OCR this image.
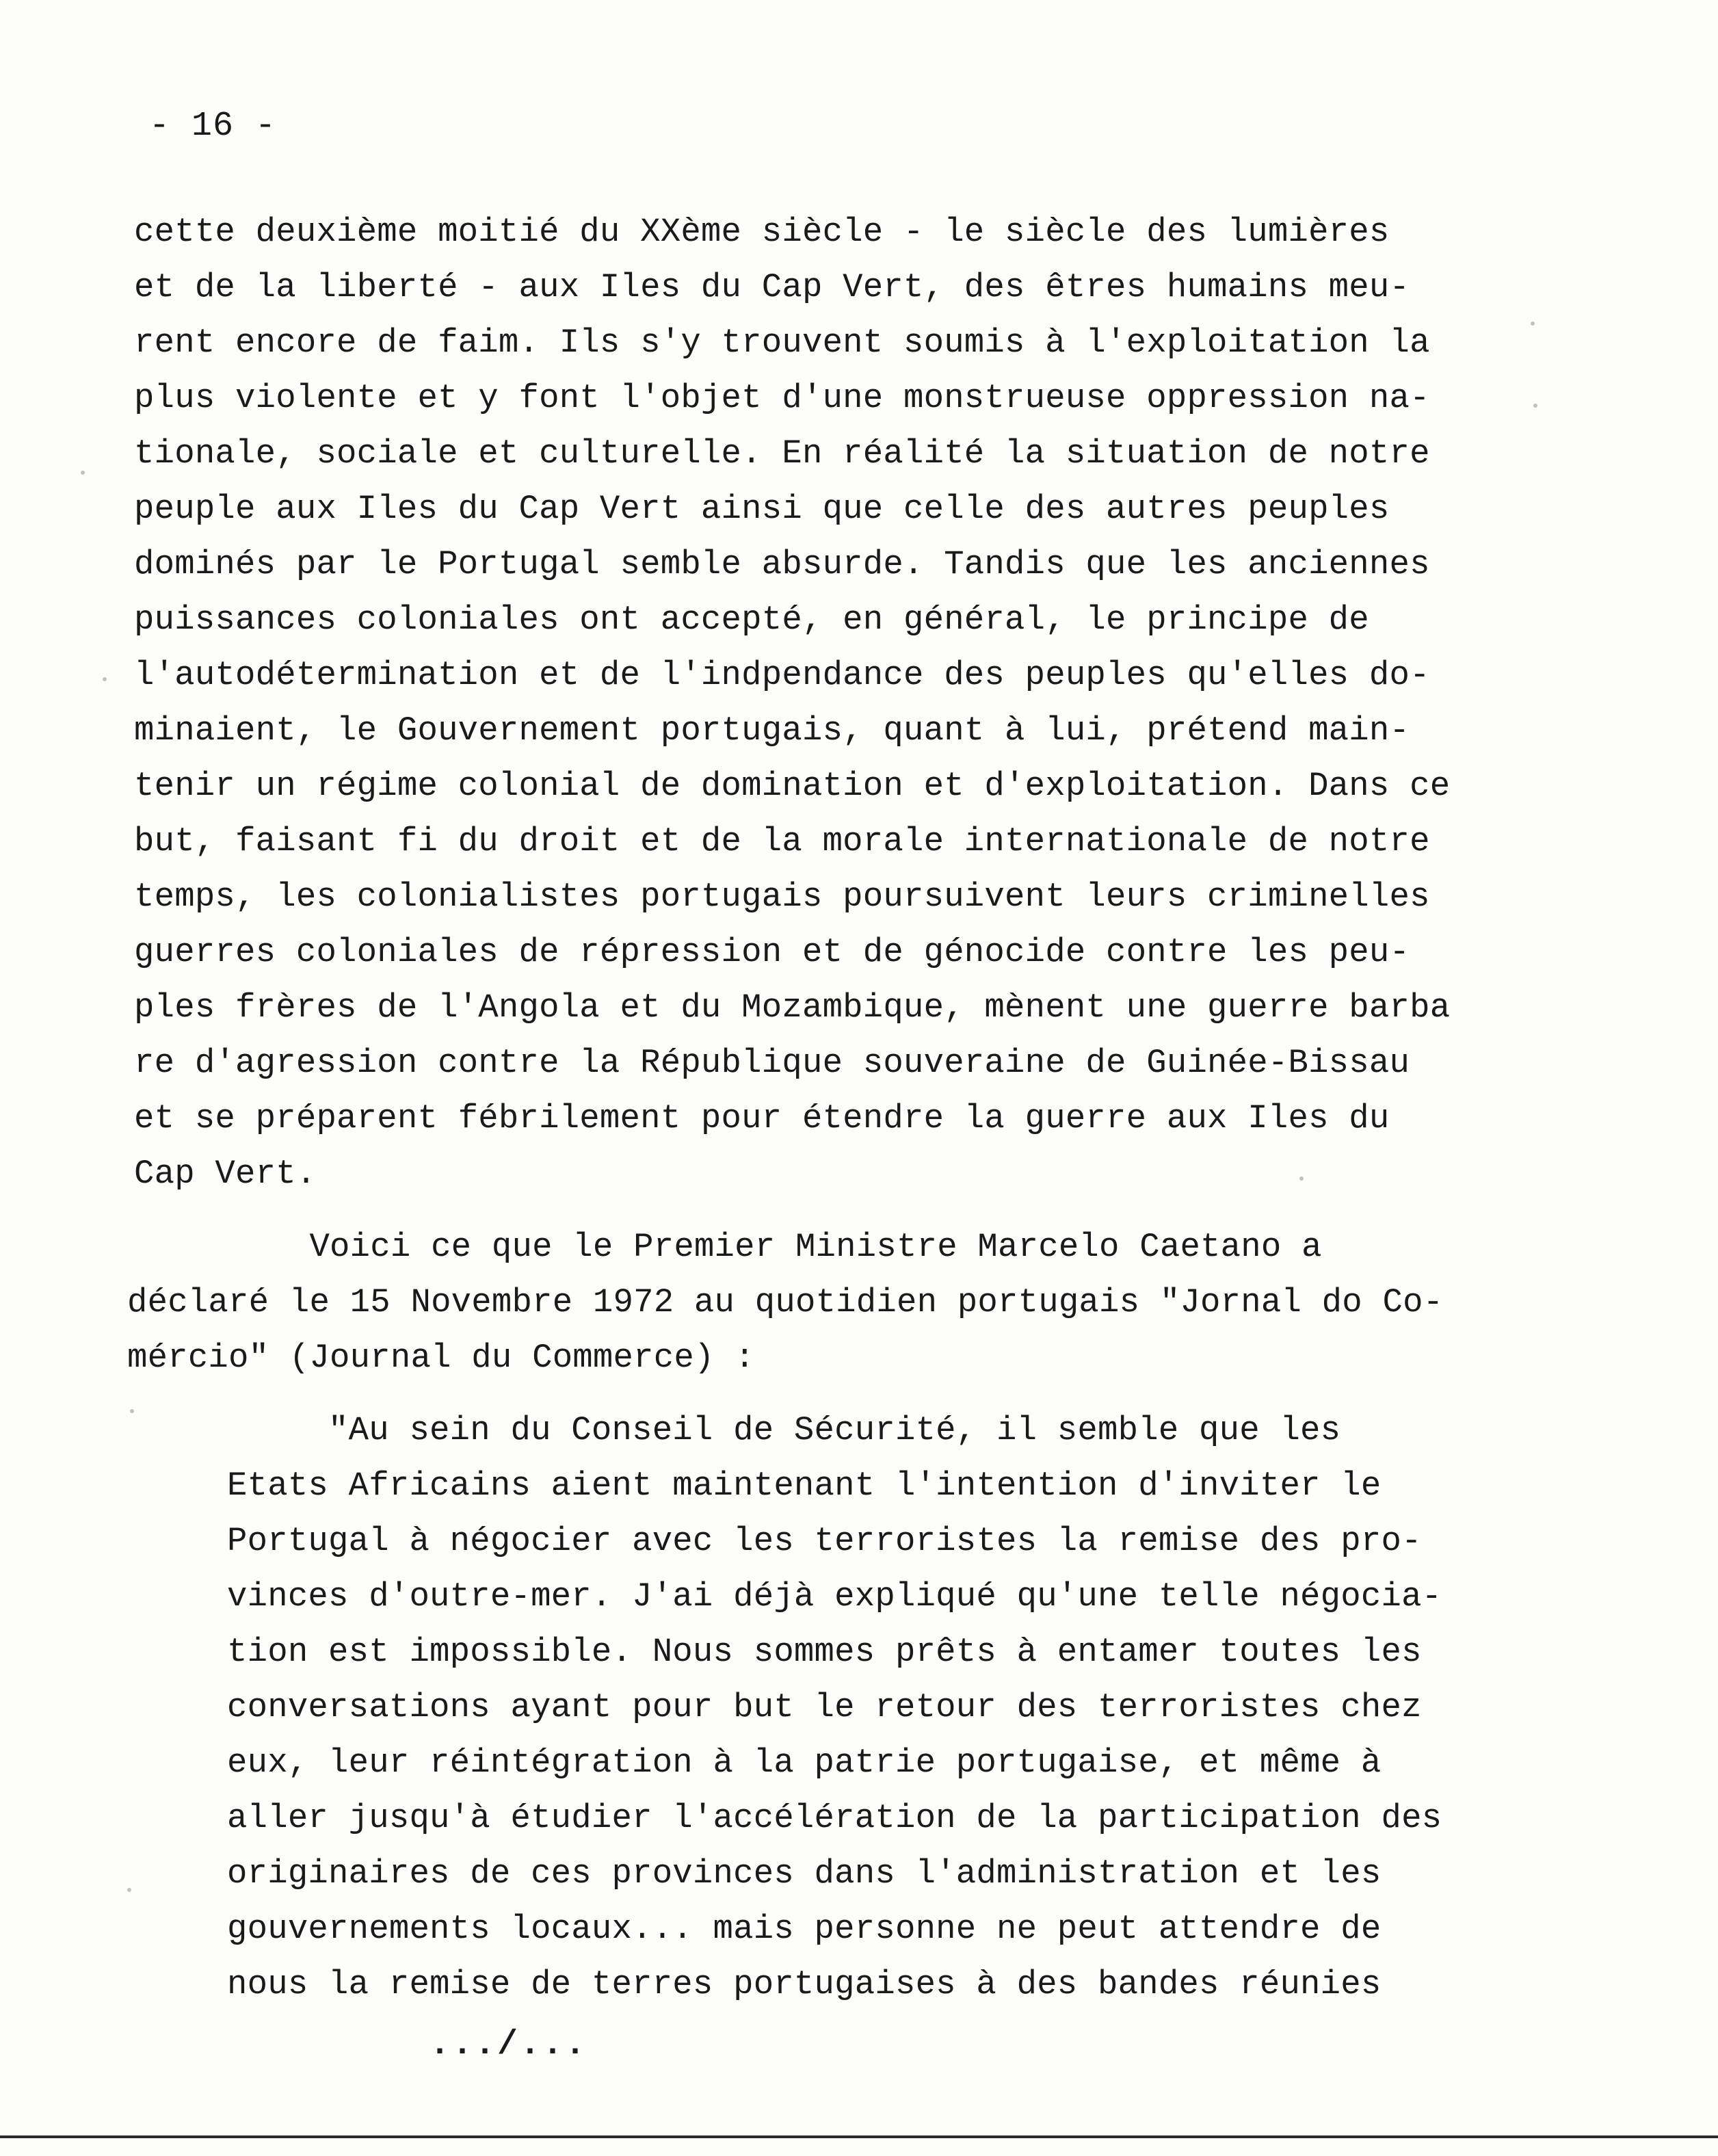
- 16 -
cette deuxième moitié du XXème siècle - le siècle des lumières
et de la liberté - aux Iles du Cap Vert, des êtres humains meu-
rent encore de faim. Ils s'y trouvent soumis à l'exploitation la
plus violente et y font l'objet d'une monstrueuse oppression na-
tionale, sociale et culturelle. En réalité la situation de notre
peuple aux Iles du Cap Vert ainsi que celle des autres peuples
dominés par le Portugal semble absurde. Tandis que les anciennes
puissances coloniales ont accepté, en général, le principe de
l'autodétermination et de l'indpendance des peuples qu'elles do-
minaient, le Gouvernement portugais, quant à lui, prétend main-
tenir un régime colonial de domination et d'exploitation. Dans ce
but, faisant fi du droit et de la morale internationale de notre
temps, les colonialistes portugais poursuivent leurs criminelles
guerres coloniales de répression et de génocide contre les peu-
ples frères de l'Angola et du Mozambique, mènent une guerre barba
re d'agression contre la République souveraine de Guinée-Bissau
et se préparent fébrilement pour étendre la guerre aux Iles du
Cap Vert.
Voici ce que le Premier Ministre Marcelo Caetano a
déclaré le 15 Novembre 1972 au quotidien portugais "Jornal do Co-
mércio" (Journal du Commerce) :
"Au sein du Conseil de Sécurité, il semble que les
Etats Africains aient maintenant l'intention d'inviter le
Portugal à négocier avec les terroristes la remise des pro-
vinces d'outre-mer. J'ai déjà expliqué qu'une telle négocia-
tion est impossible. Nous sommes prêts à entamer toutes les
conversations ayant pour but le retour des terroristes chez
eux, leur réintégration à la patrie portugaise, et même à
aller jusqu'à étudier l'accélération de la participation des
originaires de ces provinces dans l'administration et les
gouvernements locaux... mais personne ne peut attendre de
nous la remise de terres portugaises à des bandes réunies
.../...
